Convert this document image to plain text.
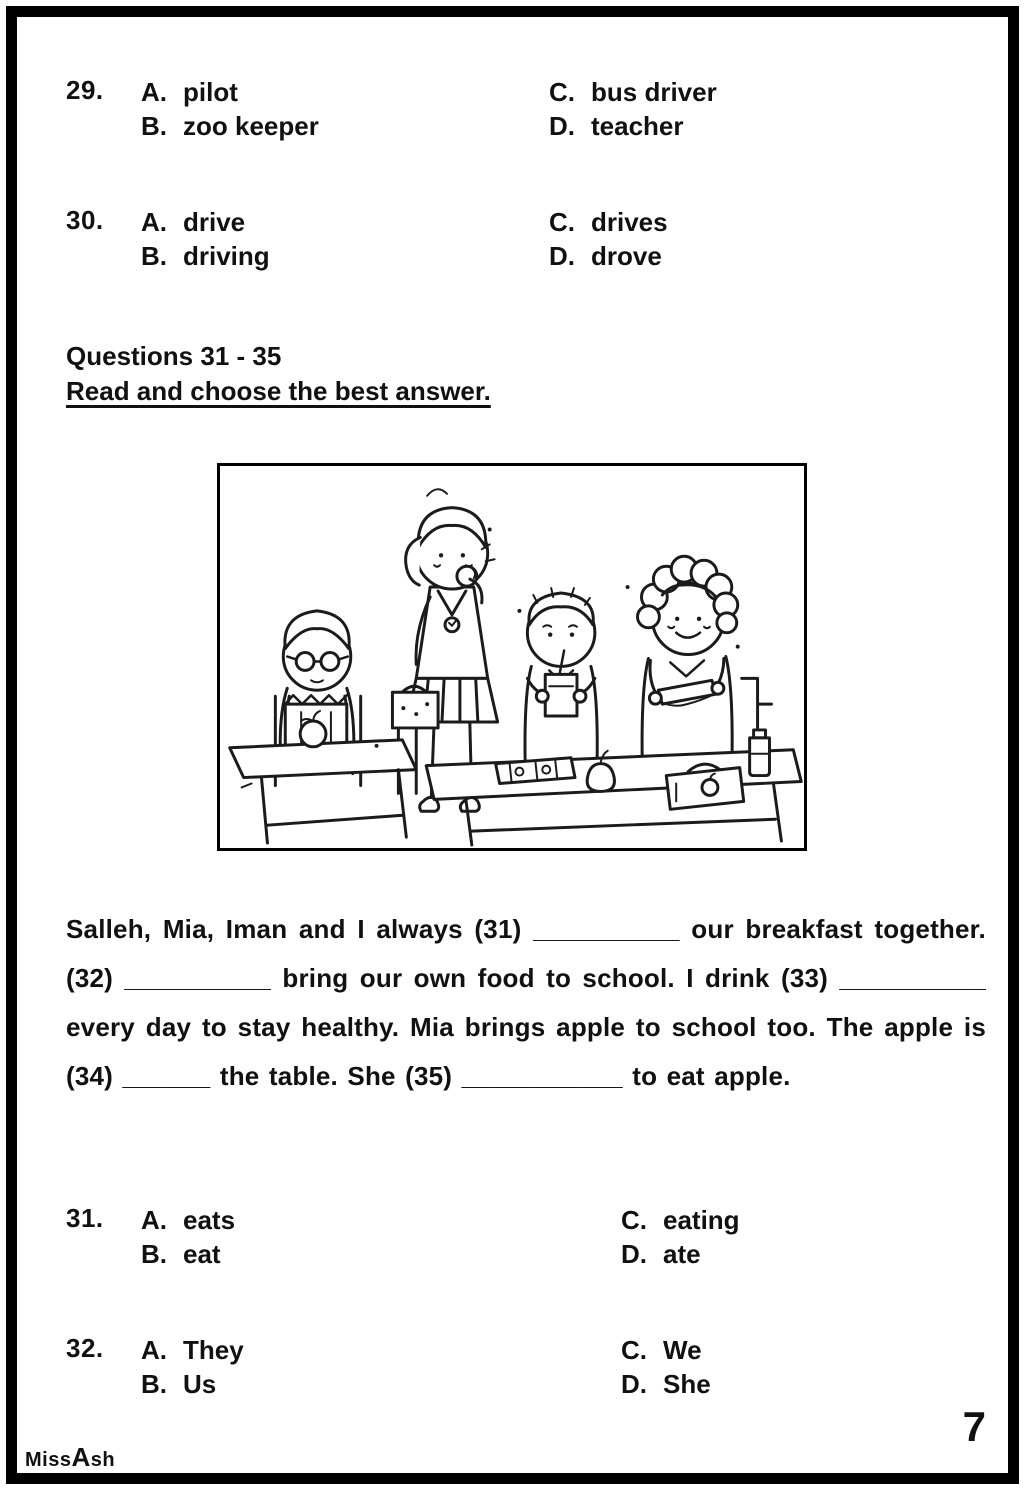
29.	A. pilot
B. zoo keeper
C. bus driver
D. teacher
30.	A. drive
B. driving
C. drives
D. drove
Questions 31 - 35
Read and choose the best answer.

Salleh, Mia, Iman and I always (31) __________ our breakfast together. (32) __________ bring our own food to school. I drink (33) __________ every day to stay healthy. Mia brings apple to school too. The apple is (34) ______ the table. She (35) ___________ to eat apple.

31.	A. eats
B. eat
C. eating
D. ate
32.	A. They
B. Us
C. We
D. She
MissAsh
7
